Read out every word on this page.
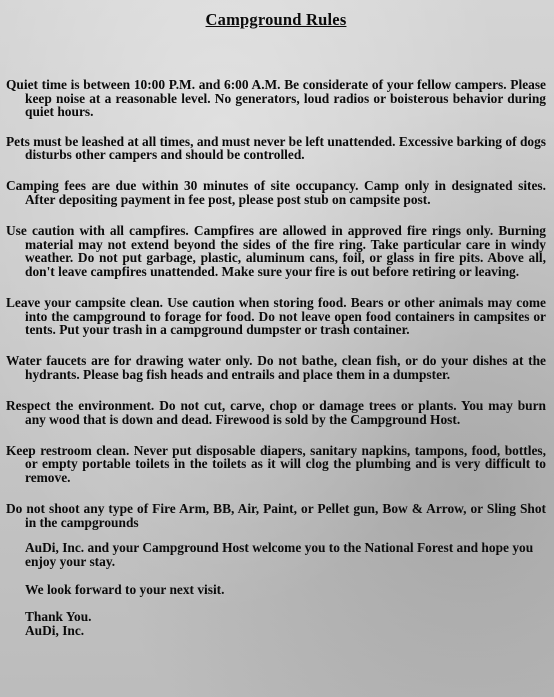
Campground Rules
Quiet time is between 10:00 P.M. and 6:00 A.M. Be considerate of your fellow campers. Please keep noise at a reasonable level. No generators, loud radios or boisterous behavior during quiet hours.
Pets must be leashed at all times, and must never be left unattended. Excessive barking of dogs disturbs other campers and should be controlled.
Camping fees are due within 30 minutes of site occupancy. Camp only in designated sites. After depositing payment in fee post, please post stub on campsite post.
Use caution with all campfires. Campfires are allowed in approved fire rings only. Burning material may not extend beyond the sides of the fire ring. Take particular care in windy weather. Do not put garbage, plastic, aluminum cans, foil, or glass in fire pits. Above all, don't leave campfires unattended. Make sure your fire is out before retiring or leaving.
Leave your campsite clean. Use caution when storing food. Bears or other animals may come into the campground to forage for food. Do not leave open food containers in campsites or tents. Put your trash in a campground dumpster or trash container.
Water faucets are for drawing water only. Do not bathe, clean fish, or do your dishes at the hydrants. Please bag fish heads and entrails and place them in a dumpster.
Respect the environment. Do not cut, carve, chop or damage trees or plants. You may burn any wood that is down and dead. Firewood is sold by the Campground Host.
Keep restroom clean. Never put disposable diapers, sanitary napkins, tampons, food, bottles, or empty portable toilets in the toilets as it will clog the plumbing and is very difficult to remove.
Do not shoot any type of Fire Arm, BB, Air, Paint, or Pellet gun, Bow & Arrow, or Sling Shot in the campgrounds
AuDi, Inc. and your Campground Host welcome you to the National Forest and hope you enjoy your stay.
We look forward to your next visit.
Thank You.
AuDi, Inc.
